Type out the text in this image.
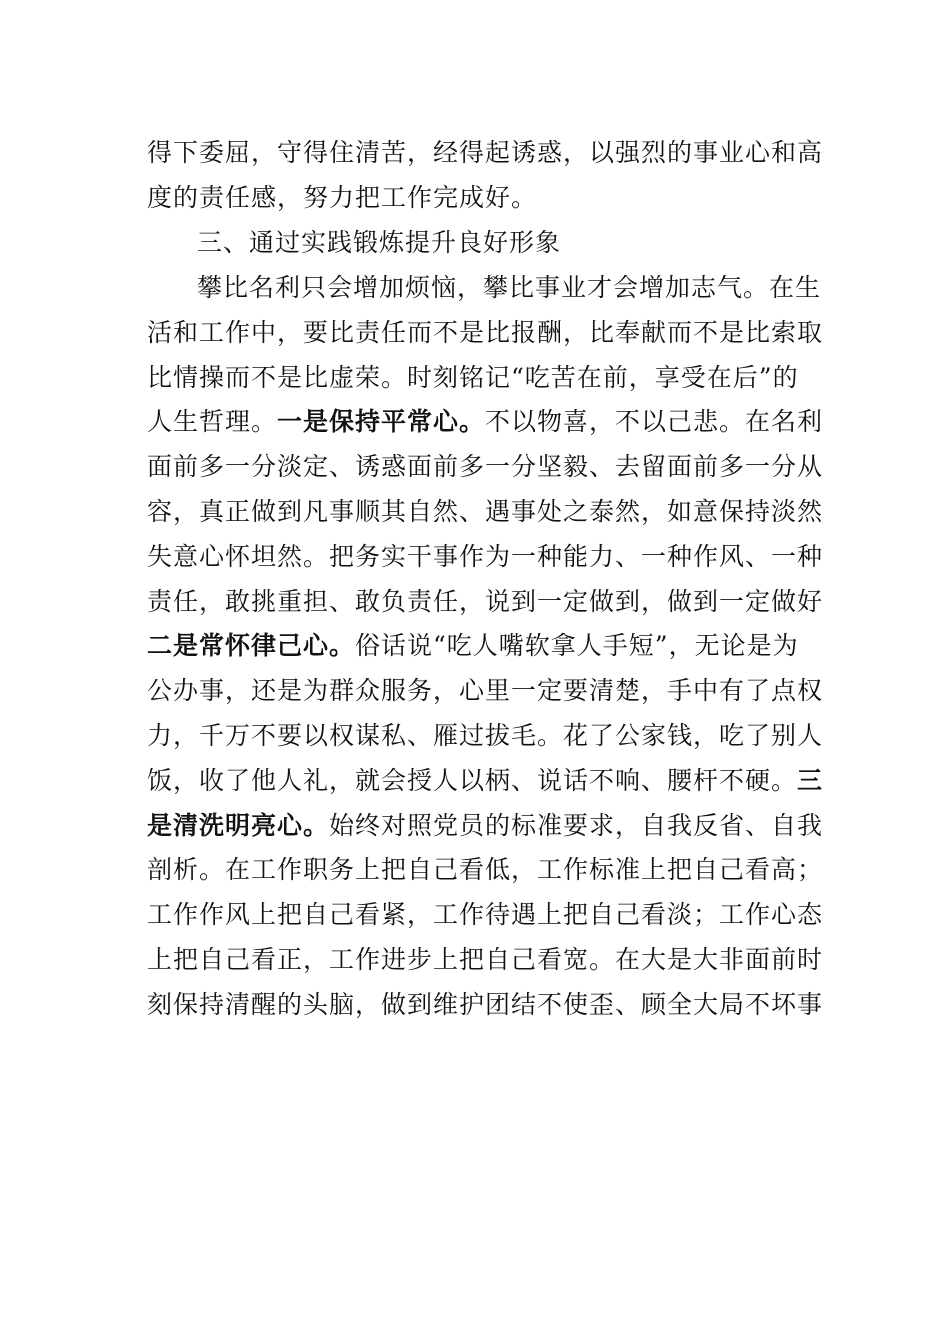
得下委屈，守得住清苦，经得起诱惑，以强烈的事业心和高
度的责任感，努力把工作完成好。
三、通过实践锻炼提升良好形象
攀比名利只会增加烦恼，攀比事业才会增加志气。在生
活和工作中，要比责任而不是比报酬，比奉献而不是比索取
比情操而不是比虚荣。时刻铭记“吃苦在前，享受在后”的
人生哲理。一是保持平常心。不以物喜，不以己悲。在名利
面前多一分淡定、诱惑面前多一分坚毅、去留面前多一分从
容，真正做到凡事顺其自然、遇事处之泰然，如意保持淡然
失意心怀坦然。把务实干事作为一种能力、一种作风、一种
责任，敢挑重担、敢负责任，说到一定做到，做到一定做好
二是常怀律己心。俗话说“吃人嘴软拿人手短”，无论是为
公办事，还是为群众服务，心里一定要清楚，手中有了点权
力，千万不要以权谋私、雁过拔毛。花了公家钱，吃了别人
饭，收了他人礼，就会授人以柄、说话不响、腰杆不硬。三
是清洗明亮心。始终对照党员的标准要求，自我反省、自我
剖析。在工作职务上把自己看低，工作标准上把自己看高；
工作作风上把自己看紧，工作待遇上把自己看淡；工作心态
上把自己看正，工作进步上把自己看宽。在大是大非面前时
刻保持清醒的头脑，做到维护团结不使歪、顾全大局不坏事
